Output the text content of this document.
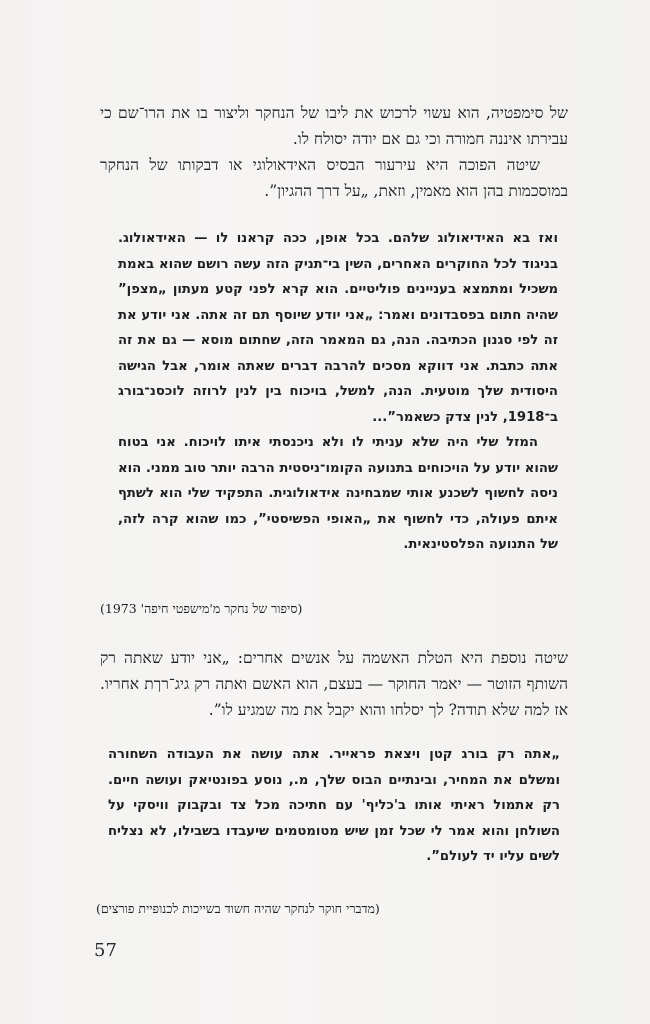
של סימפטיה, הוא עשוי לרכוש את ליבו של הנחקר וליצור בו את הרו־שם כי עבירתו איננה חמורה וכי גם אם יודה יסולח לו.

שיטה הפוכה היא עירעור הבסיס האידאולוגי או דבקותו של הנחקר במוסכמות בהן הוא מאמין, וזאת, „על דרך ההגיון”.

ואז בא האידיאולוג שלהם. בכל אופן, ככה קראנו לו — האידאולוג. בניגוד לכל החוקרים האחרים, השין בי־תניק הזה עשה רושם שהוא באמת משכיל ומתמצא בעניינים פוליטיים. הוא קרא לפני קטע מעתון „מצפן” שהיה חתום בפסבדונים ואמר: „אני יודע שיוסף תם זה אתה. אני יודע את זה לפי סגנון הכתיבה. הנה, גם המאמר הזה, שחתום מוסא — גם את זה אתה כתבת. אני דווקא מסכים להרבה דברים שאתה אומר, אבל הגישה היסודית שלך מוטעית. הנה, למשל, בויכוח בין לנין לרוזה לוכסנ־בורג ב־1918, לנין צדק כשאמר”...

המזל שלי היה שלא עניתי לו ולא ניכנסתי איתו לויכוח. אני בטוח שהוא יודע על הויכוחים בתנועה הקומו־ניסטית הרבה יותר טוב ממני. הוא ניסה לחשוף לשכנע אותי שמבחינה אידאולוגית. התפקיד שלי הוא לשתף איתם פעולה, כדי לחשוף את „האופי הפשיסטי”, כמו שהוא קרה לזה, של התנועה הפלסטינאית.

(סיפור של נחקר מ'מישפטי חיפה' 1973)

שיטה נוספת היא הטלת האשמה על אנשים אחרים: „אני יודע שאתה רק השותף הזוטר — יאמר החוקר — בעצם, הוא האשם ואתה רק גיג־רךת אחריו. אז למה שלא תודה? לך יסלחו והוא יקבל את מה שמגיע לו”.

„אתה רק בורג קטן ויצאת פראייר. אתה עושה את העבודה השחורה ומשלם את המחיר, ובינתיים הבוס שלך, מ., נוסע בפונטיאק ועושה חיים. רק אתמול ראיתי אותו ב'כליף' עם חתיכה מכל צד ובקבוק וויסקי על השולחן והוא אמר לי שכל זמן שיש מטומטמים שיעבדו בשבילו, לא נצליח לשים עליו יד לעולם”.

(מדברי חוקר לנחקר שהיה חשוד בשייכות לכנופיית פורצים)

57
